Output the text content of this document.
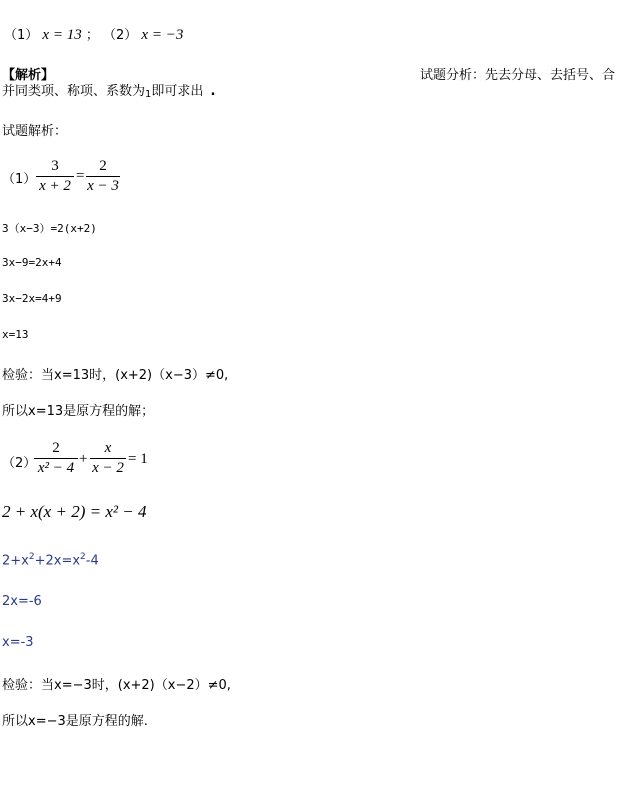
（1） x = 13 ； （2） x = −3
【解析】	试题分析：先去分母、去括号、合
并同类项、称项、系数为1即可求出 .
试题解析：
（1）
3
x + 2
=
2
x − 3
3（x−3）=2(x+2)
3x−9=2x+4
3x−2x=4+9
x=13
检验：当x=13时，(x+2)（x−3）≠0,
所以x=13是原方程的解；
（2）
2
x² − 4
+
x
x − 2
= 1
2 + x(x + 2) = x² − 4
$2+x^2+2x=x^2-4$
2x=-6
x=-3
检验：当x=−3时，(x+2)（x−2）≠0,
所以x=−3是原方程的解.
